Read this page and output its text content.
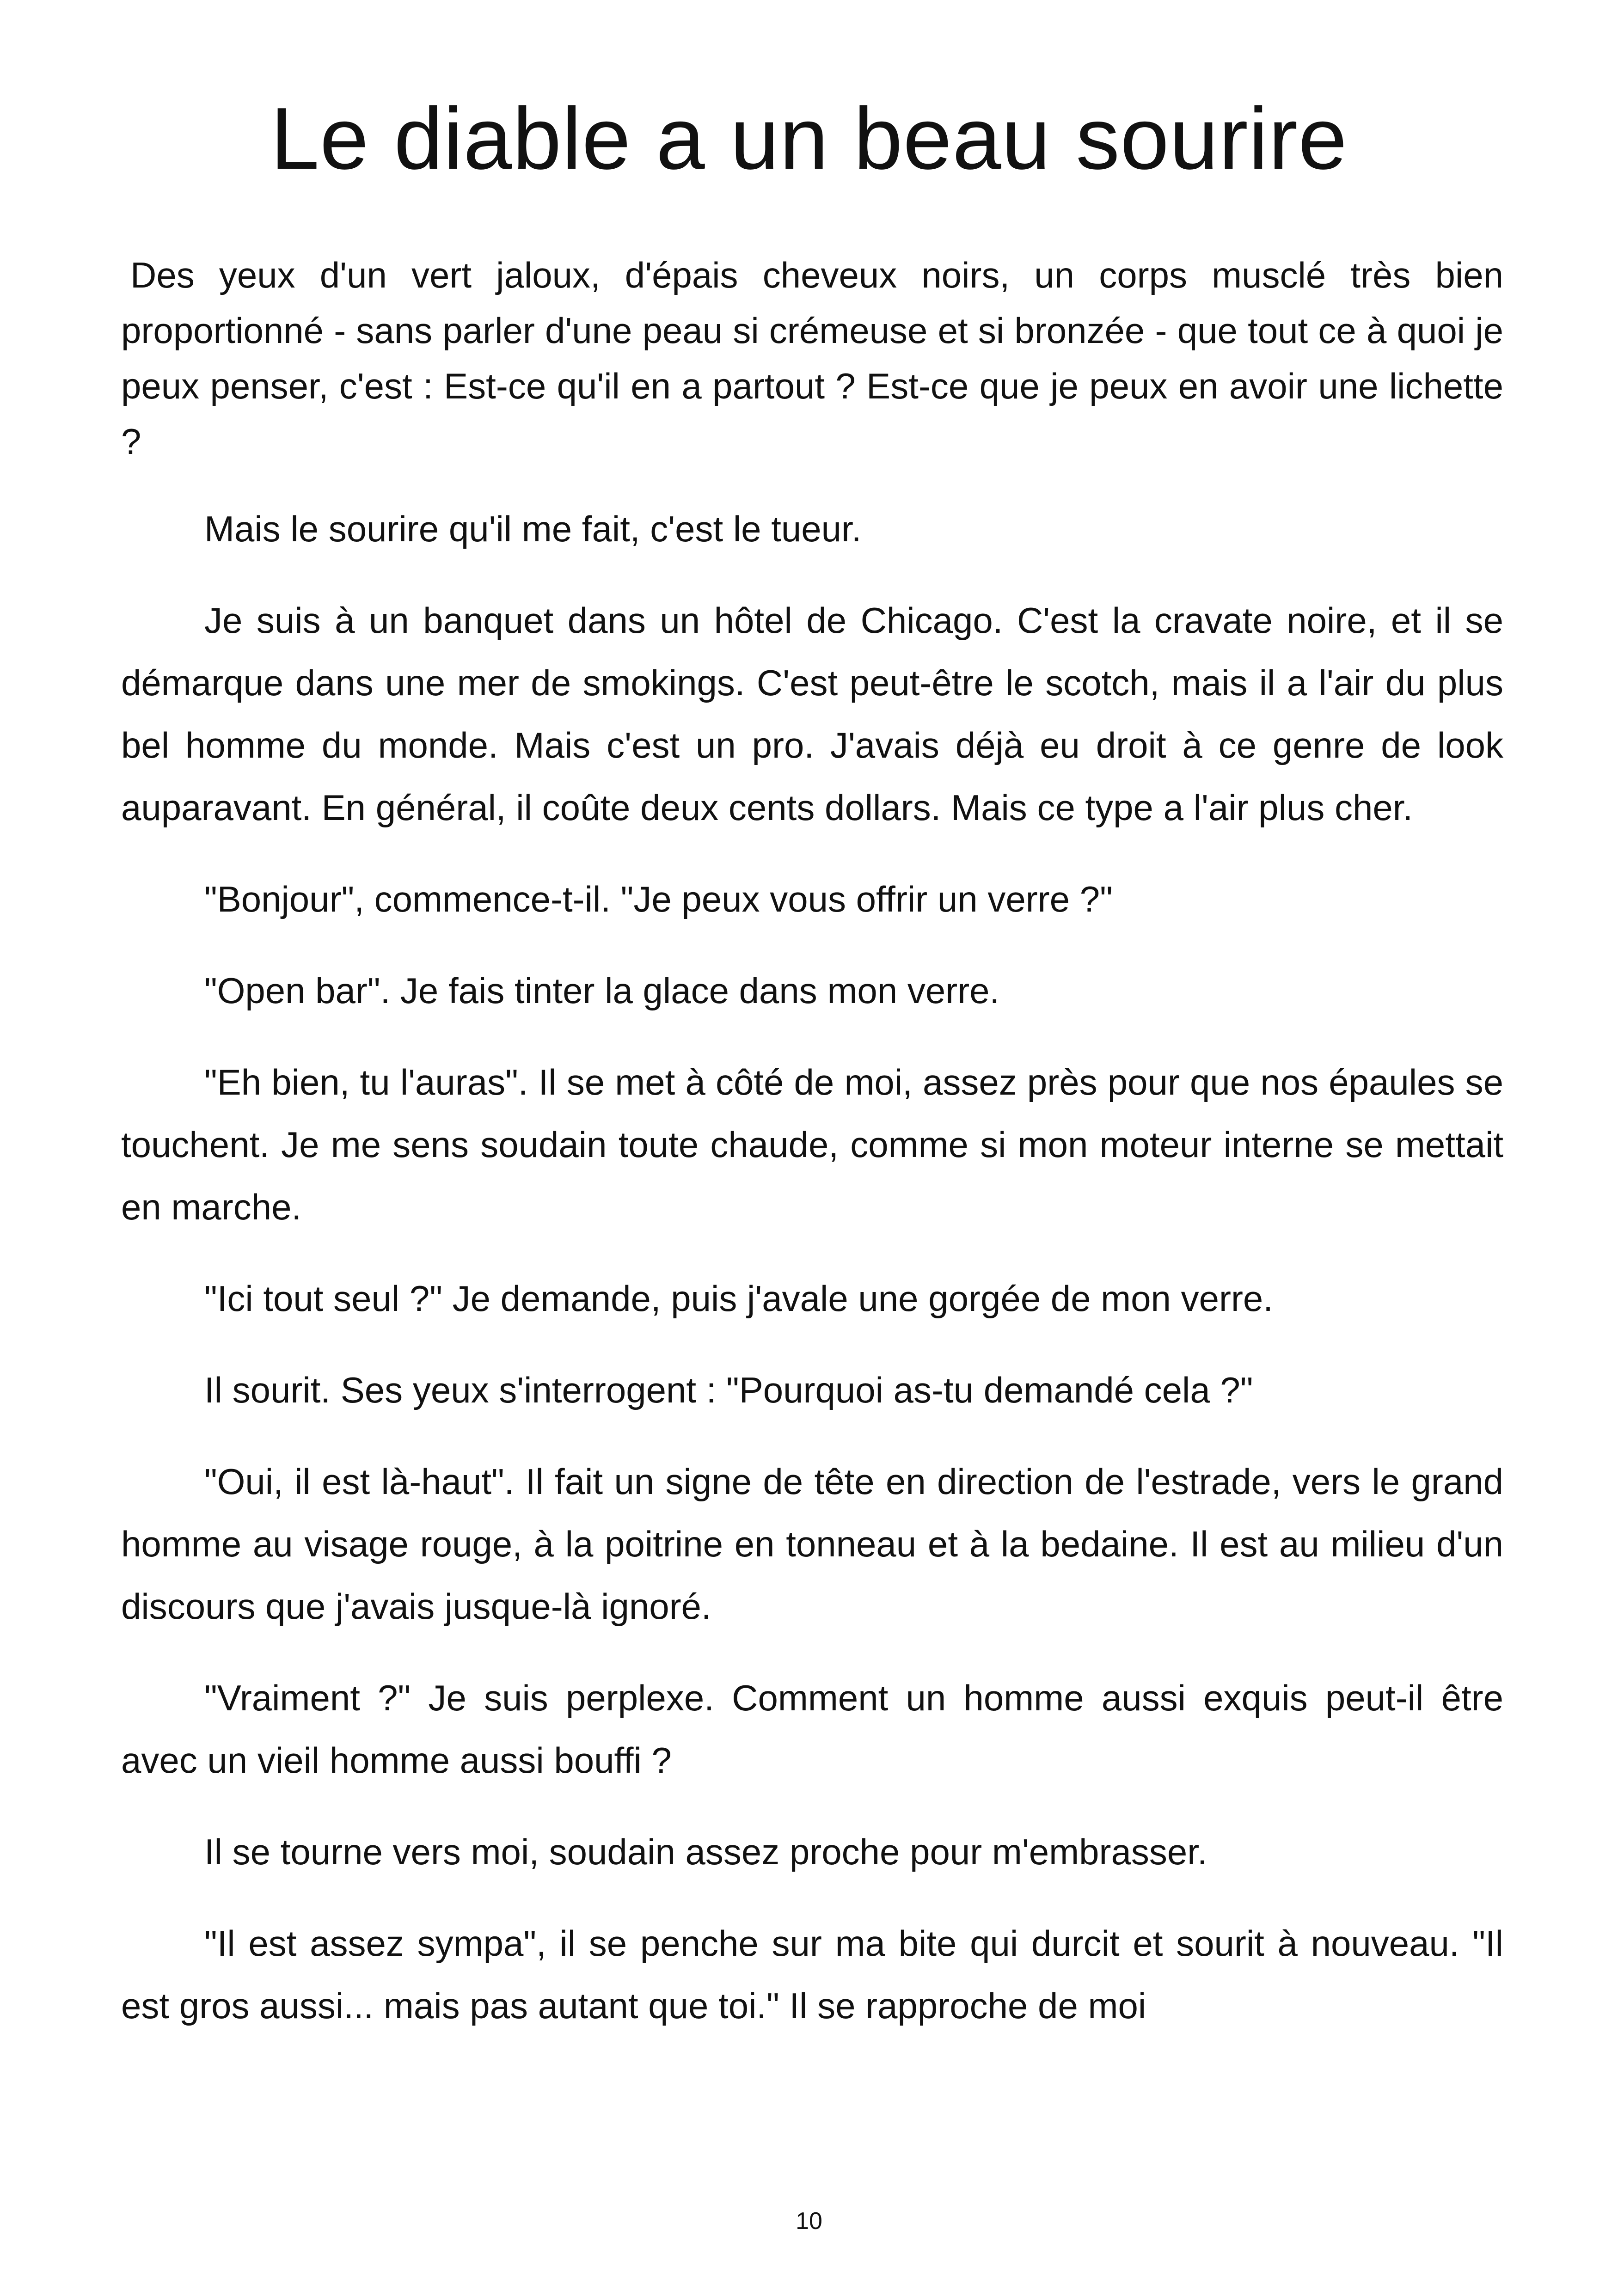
Le diable a un beau sourire

Des yeux d'un vert jaloux, d'épais cheveux noirs, un corps musclé très bien proportionné - sans parler d'une peau si crémeuse et si bronzée - que tout ce à quoi je peux penser, c'est : Est-ce qu'il en a partout ? Est-ce que je peux en avoir une lichette ?

Mais le sourire qu'il me fait, c'est le tueur.

Je suis à un banquet dans un hôtel de Chicago. C'est la cravate noire, et il se démarque dans une mer de smokings. C'est peut-être le scotch, mais il a l'air du plus bel homme du monde. Mais c'est un pro. J'avais déjà eu droit à ce genre de look auparavant. En général, il coûte deux cents dollars. Mais ce type a l'air plus cher.

"Bonjour", commence-t-il. "Je peux vous offrir un verre ?"

"Open bar". Je fais tinter la glace dans mon verre.

"Eh bien, tu l'auras". Il se met à côté de moi, assez près pour que nos épaules se touchent. Je me sens soudain toute chaude, comme si mon moteur interne se mettait en marche.

"Ici tout seul ?" Je demande, puis j'avale une gorgée de mon verre.

Il sourit. Ses yeux s'interrogent : "Pourquoi as-tu demandé cela ?"

"Oui, il est là-haut". Il fait un signe de tête en direction de l'estrade, vers le grand homme au visage rouge, à la poitrine en tonneau et à la bedaine. Il est au milieu d'un discours que j'avais jusque-là ignoré.

"Vraiment ?" Je suis perplexe. Comment un homme aussi exquis peut-il être avec un vieil homme aussi bouffi ?

Il se tourne vers moi, soudain assez proche pour m'embrasser.

"Il est assez sympa", il se penche sur ma bite qui durcit et sourit à nouveau. "Il est gros aussi... mais pas autant que toi." Il se rapproche de moi

10
